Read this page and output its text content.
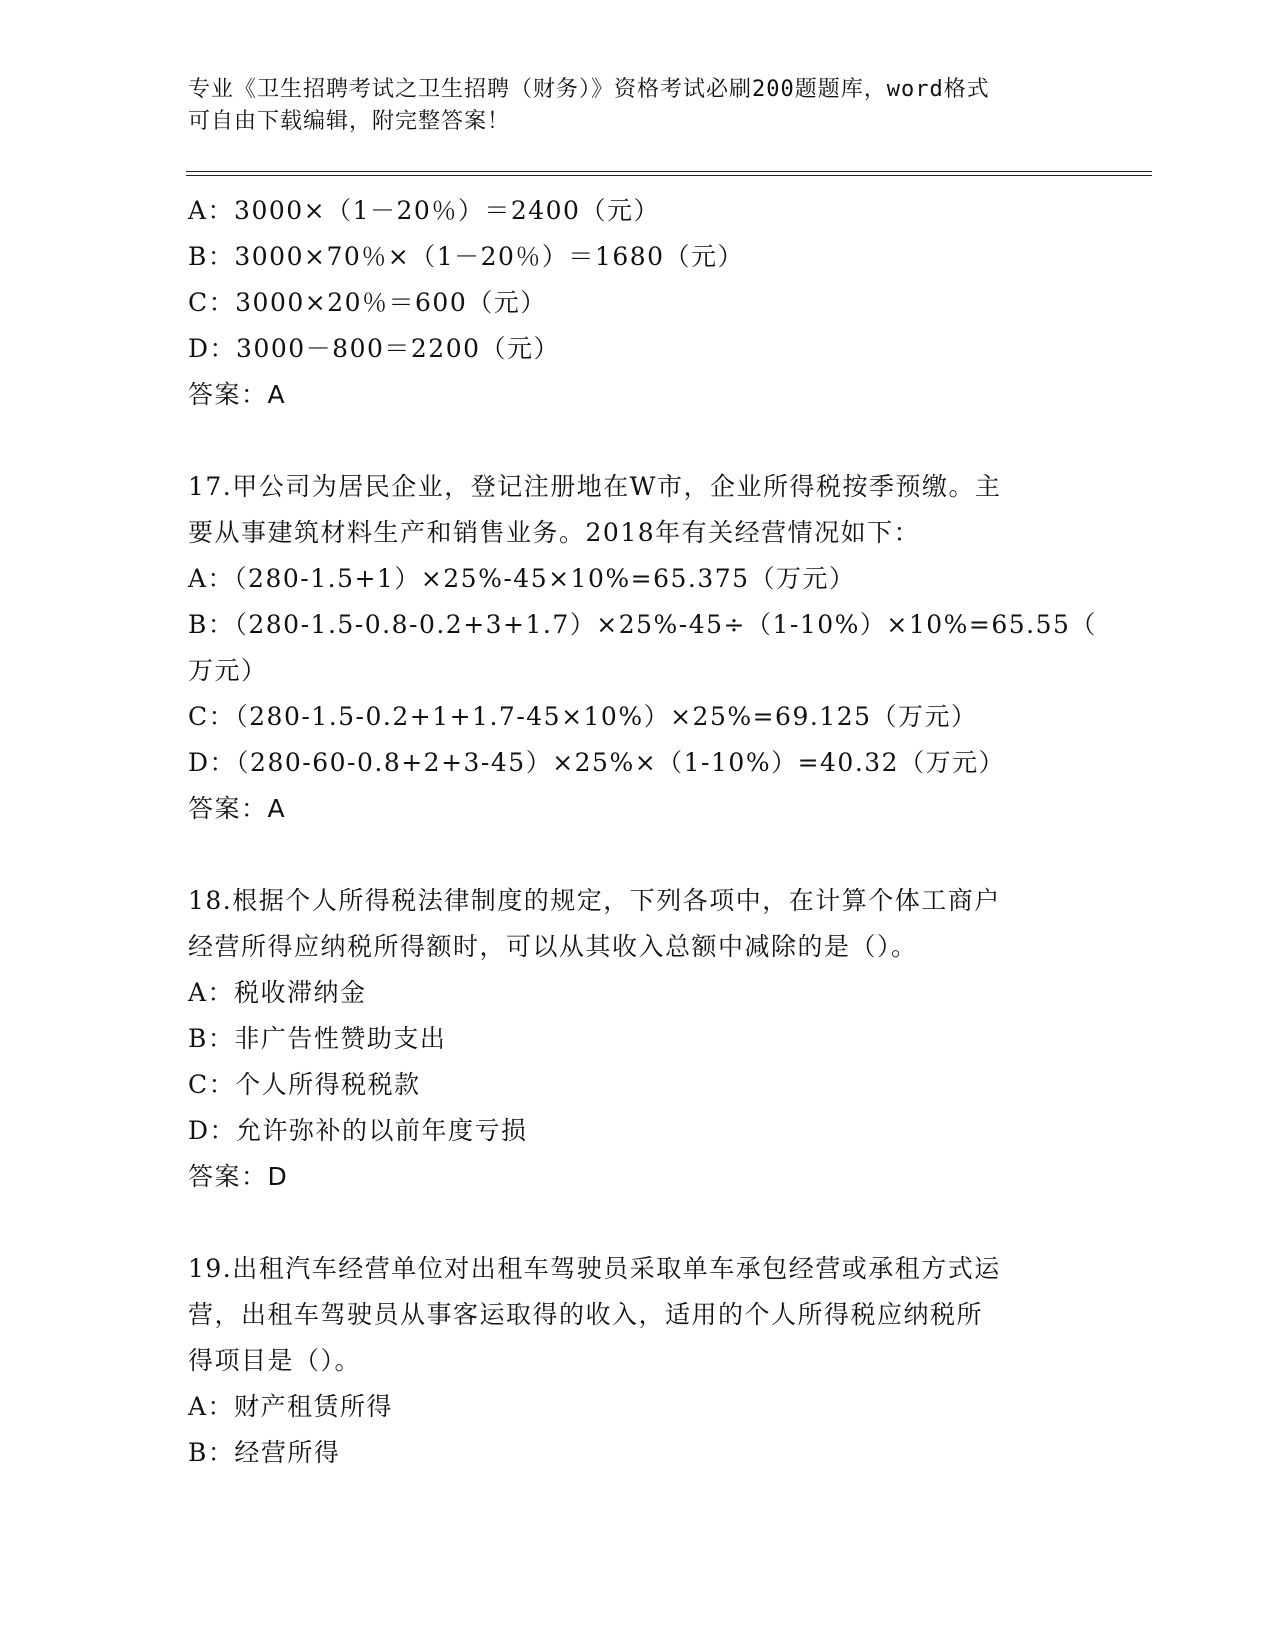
专业《卫生招聘考试之卫生招聘（财务）》资格考试必刷200题题库，word格式
可自由下载编辑，附完整答案！
A：3000×（1－20％）＝2400（元）
B：3000×70％×（1－20％）＝1680（元）
C：3000×20％＝600（元）
D：3000－800＝2200（元）
答案：A
17.甲公司为居民企业，登记注册地在W市，企业所得税按季预缴。主
要从事建筑材料生产和销售业务。2018年有关经营情况如下：
A：（280-1.5+1）×25%-45×10%=65.375（万元）
B：（280-1.5-0.8-0.2+3+1.7）×25%-45÷（1-10%）×10%=65.55（
万元）
C：（280-1.5-0.2+1+1.7-45×10%）×25%=69.125（万元）
D：（280-60-0.8+2+3-45）×25%×（1-10%）=40.32（万元）
答案：A
18.根据个人所得税法律制度的规定，下列各项中，在计算个体工商户
经营所得应纳税所得额时，可以从其收入总额中减除的是（）。
A：税收滞纳金
B：非广告性赞助支出
C：个人所得税税款
D：允许弥补的以前年度亏损
答案：D
19.出租汽车经营单位对出租车驾驶员采取单车承包经营或承租方式运
营，出租车驾驶员从事客运取得的收入，适用的个人所得税应纳税所
得项目是（）。
A：财产租赁所得
B：经营所得
